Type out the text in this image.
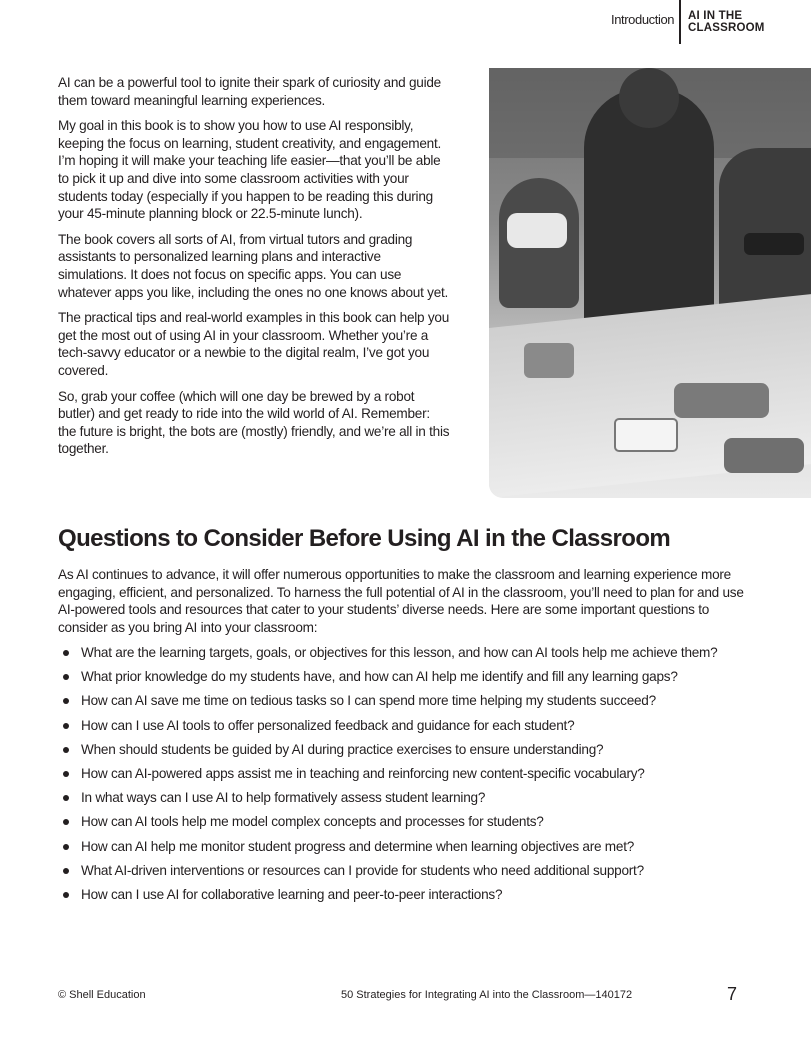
Introduction AI IN THE
CLASSROOM

AI can be a powerful tool to ignite their spark of curiosity and guide them toward meaningful learning experiences.

My goal in this book is to show you how to use AI responsibly, keeping the focus on learning, student creativity, and engagement. I’m hoping it will make your teaching life easier—that you’ll be able to pick it up and dive into some classroom activities with your students today (especially if you happen to be reading this during your 45-minute planning block or 22.5-minute lunch).

The book covers all sorts of AI, from virtual tutors and grading assistants to personalized learning plans and interactive simulations. It does not focus on specific apps. You can use whatever apps you like, including the ones no one knows about yet.

The practical tips and real-world examples in this book can help you get the most out of using AI in your classroom. Whether you’re a tech-savvy educator or a newbie to the digital realm, I’ve got you covered.

So, grab your coffee (which will one day be brewed by a robot butler) and get ready to ride into the wild world of AI. Remember: the future is bright, the bots are (mostly) friendly, and we’re all in this together.

Questions to Consider Before Using AI in the Classroom

As AI continues to advance, it will offer numerous opportunities to make the classroom and learning experience more engaging, efficient, and personalized. To harness the full potential of AI in the classroom, you’ll need to plan for and use AI-powered tools and resources that cater to your students’ diverse needs. Here are some important questions to consider as you bring AI into your classroom:

What are the learning targets, goals, or objectives for this lesson, and how can AI tools help me achieve them?
What prior knowledge do my students have, and how can AI help me identify and fill any learning gaps?
How can AI save me time on tedious tasks so I can spend more time helping my students succeed?
How can I use AI tools to offer personalized feedback and guidance for each student?
When should students be guided by AI during practice exercises to ensure understanding?
How can AI-powered apps assist me in teaching and reinforcing new content-specific vocabulary?
In what ways can I use AI to help formatively assess student learning?
How can AI tools help me model complex concepts and processes for students?
How can AI help me monitor student progress and determine when learning objectives are met?
What AI-driven interventions or resources can I provide for students who need additional support?
How can I use AI for collaborative learning and peer-to-peer interactions?
© Shell Education	50 Strategies for Integrating AI into the Classroom—140172	7
